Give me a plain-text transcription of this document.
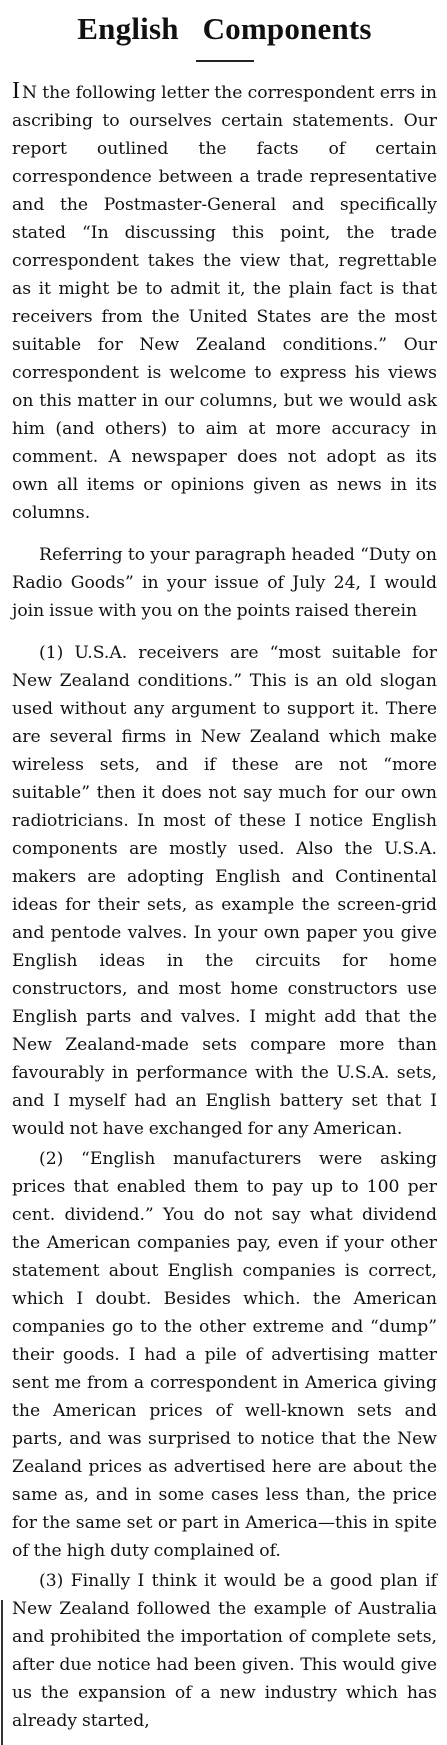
English Components

I N the following letter the correspondent errs in ascribing to ourselves certain statements. Our report outlined the facts of certain correspondence between a trade representative and the Postmaster-General and specifically stated “In discussing this point, the trade correspondent takes the view that, regrettable as it might be to admit it, the plain fact is that receivers from the United States are the most suitable for New Zealand conditions.” Our correspondent is welcome to express his views on this matter in our columns, but we would ask him (and others) to aim at more accuracy in comment. A newspaper does not adopt as its own all items or opinions given as news in its columns.

Referring to your paragraph headed “Duty on Radio Goods” in your issue of July 24, I would join issue with you on the points raised therein

(1) U.S.A. receivers are “most suitable for New Zealand conditions.” This is an old slogan used without any argument to support it. There are several firms in New Zealand which make wireless sets, and if these are not “more suitable” then it does not say much for our own radiotricians. In most of these I notice English components are mostly used. Also the U.S.A. makers are adopting English and Continental ideas for their sets, as example the screen-grid and pentode valves. In your own paper you give English ideas in the circuits for home constructors, and most home constructors use English parts and valves. I might add that the New Zealand-made sets compare more than favourably in performance with the U.S.A. sets, and I myself had an English battery set that I would not have exchanged for any American.

(2) “English manufacturers were asking prices that enabled them to pay up to 100 per cent. dividend.” You do not say what dividend the American companies pay, even if your other statement about English companies is correct, which I doubt. Besides which. the American companies go to the other extreme and “dump” their goods. I had a pile of advertising matter sent me from a correspondent in America giving the American prices of well-known sets and parts, and was surprised to notice that the New Zealand prices as advertised here are about the same as, and in some cases less than, the price for the same set or part in America—this in spite of the high duty complained of.

(3) Finally I think it would be a good plan if New Zealand followed the example of Australia and prohibited the importation of complete sets, after due notice had been given. This would give us the expansion of a new industry which has already started,
